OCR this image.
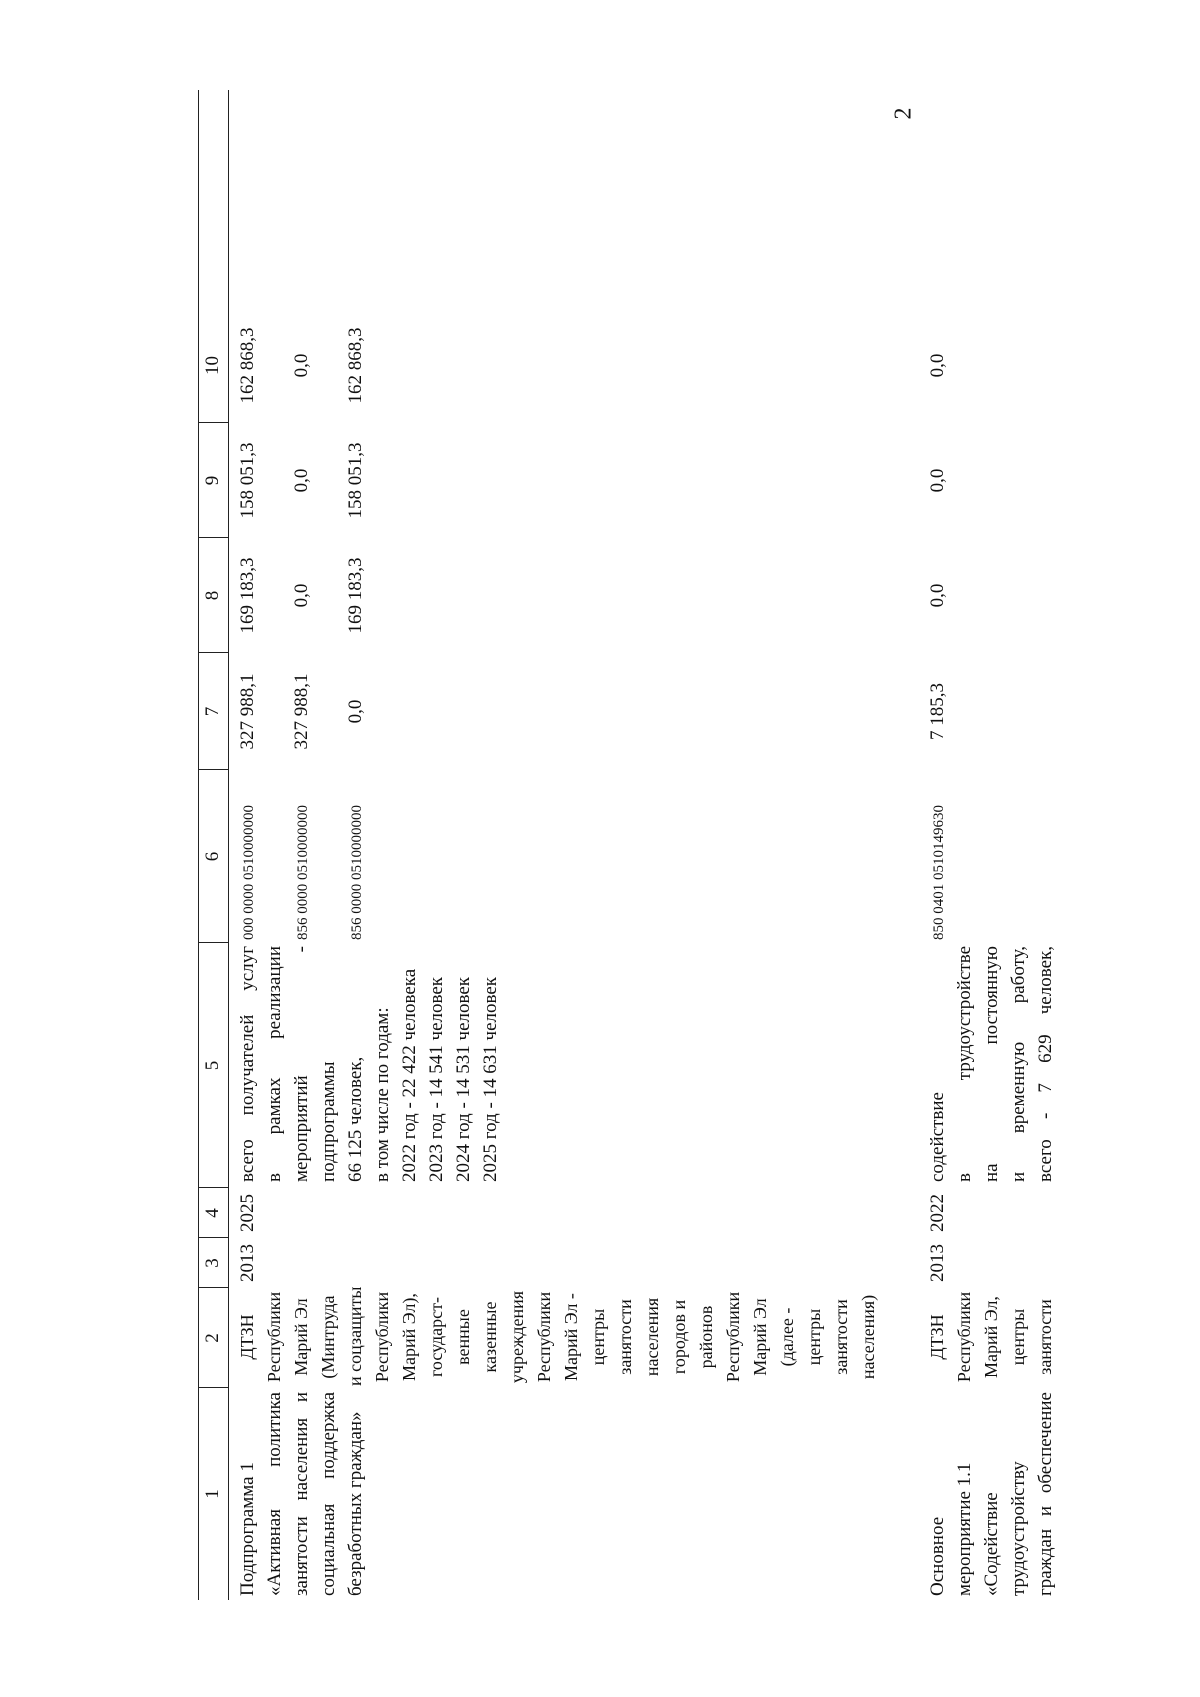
2
1
2
3
4
5
6
7
8
9
10
Подпрограмма 1 «Активная политика занятости населения и социальная поддержка безработных граждан»
ДТЗН Республики Марий Эл (Минтруда и соцзащиты Республики Марий Эл), государст- венные казенные учреждения Республики Марий Эл - центры занятости населения городов и районов Республики Марий Эл (далее - центры занятости населения)
2013
2025
всего получателей услуг в рамках реализации мероприятий - подпрограммы 66 125 человек, в том числе по годам: 2022 год - 22 422 человека 2023 год - 14 541 человек 2024 год - 14 531 человек 2025 год - 14 631 человек
000 0000 0510000000	856 0000 0510000000	856 0000 0510000000
327 988,1 327 988,1 0,0
169 183,3 0,0 169 183,3
158 051,3 0,0 158 051,3
162 868,3 0,0 162 868,3
Основное мероприятие 1.1 «Содействие трудоустройству граждан и обеспечение
ДТЗН Республики Марий Эл, центры занятости
2013
2022
содействие в трудоустройстве на постоянную и временную работу, всего - 7 629 человек,
850 0401 0510149630
7 185,3
0,0
0,0
0,0
